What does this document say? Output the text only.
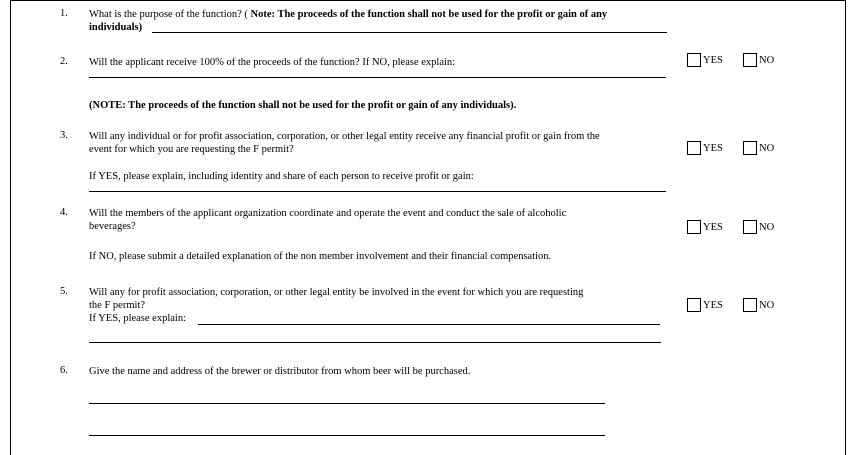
1. What is the purpose of the function? ( Note: The proceeds of the function shall not be used for the profit or gain of any
individuals)
2. Will the applicant receive 100% of the proceeds of the function? If NO, please explain:	YES	NO
(NOTE: The proceeds of the function shall not be used for the profit or gain of any individuals).
3. Will any individual or for profit association, corporation, or other legal entity receive any financial profit or gain from the
event for which you are requesting the F permit?	YES	NO
If YES, please explain, including identity and share of each person to receive profit or gain:
4. Will the members of the applicant organization coordinate and operate the event and conduct the sale of alcoholic
beverages?	YES	NO
If NO, please submit a detailed explanation of the non member involvement and their financial compensation.
5. Will any for profit association, corporation, or other legal entity be involved in the event for which you are requesting
the F permit?
If YES, please explain:
YES	NO
6. Give the name and address of the brewer or distributor from whom beer will be purchased.
